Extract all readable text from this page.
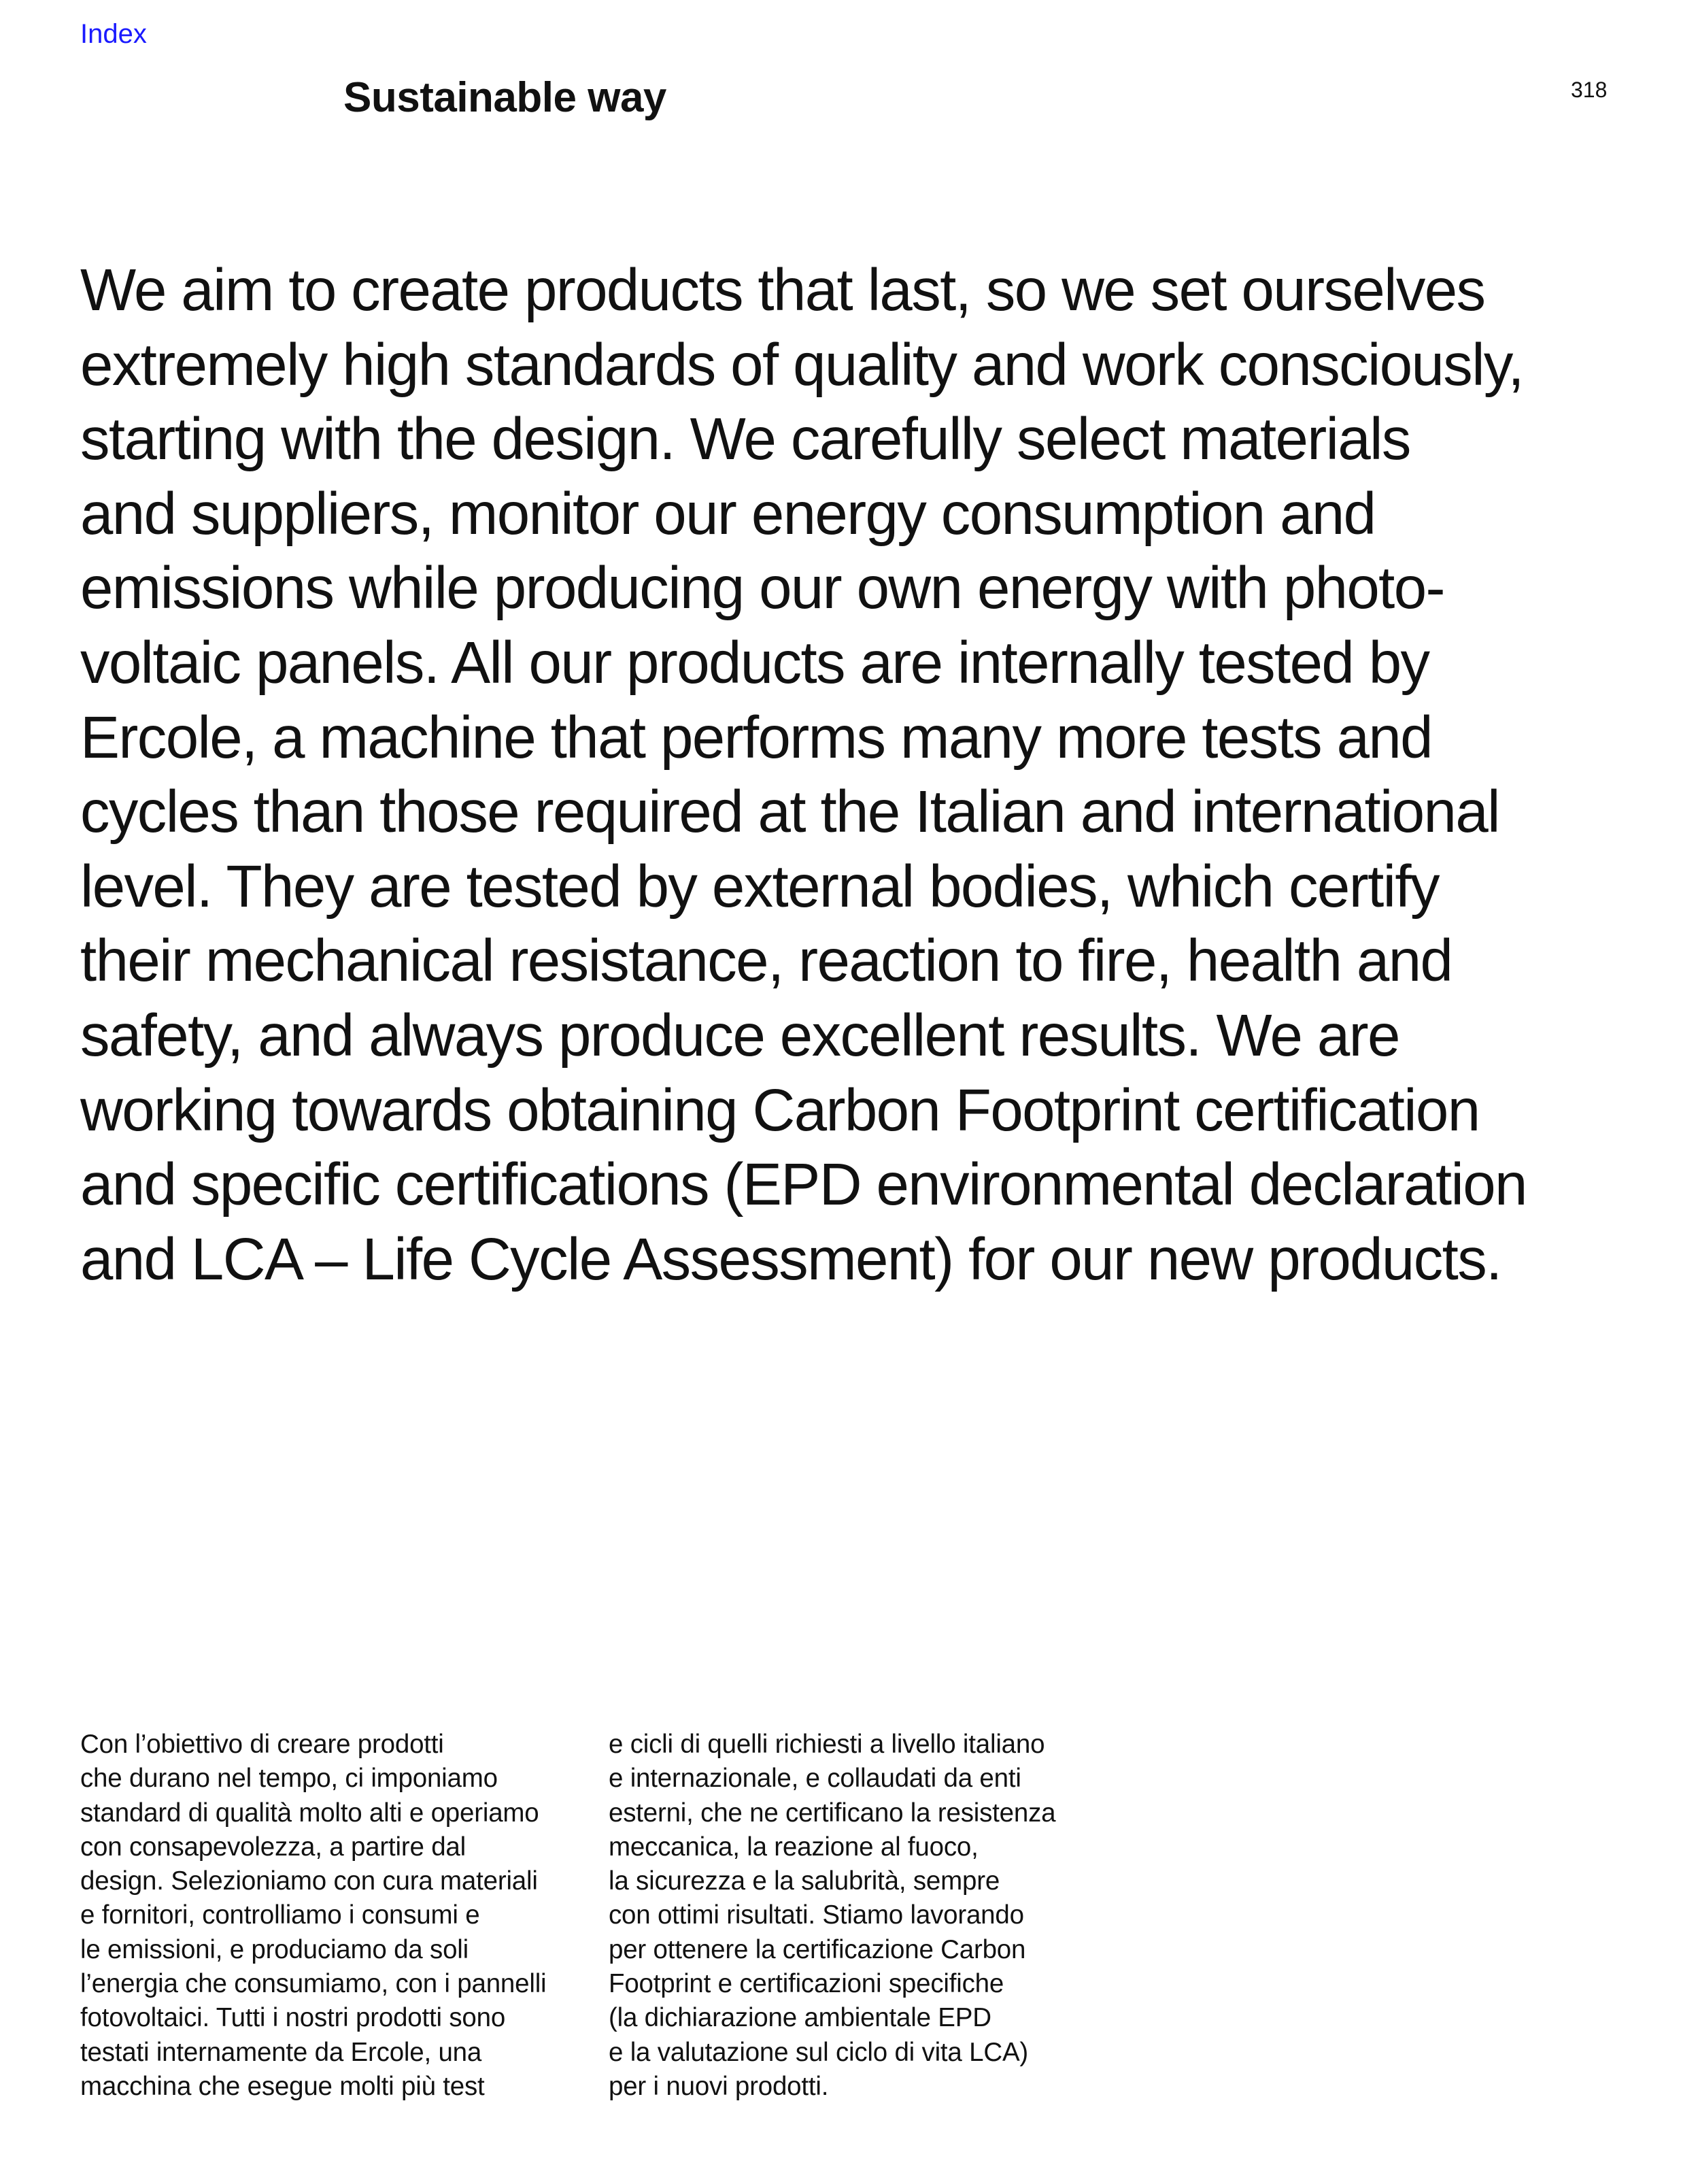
Index
Sustainable way	318

We aim to create products that last, so we set ourselves
extremely high standards of quality and work consciously,
starting with the design. We carefully select materials
and suppliers, monitor our energy consumption and
emissions while producing our own energy with photo-
voltaic panels. All our products are internally tested by
Ercole, a machine that performs many more tests and
cycles than those required at the Italian and international
level. They are tested by external bodies, which certify
their mechanical resistance, reaction to fire, health and
safety, and always produce excellent results. We are
working towards obtaining Carbon Footprint certification
and specific certifications (EPD environmental declaration
and LCA – Life Cycle Assessment) for our new products.

Con l’obiettivo di creare prodotti
che durano nel tempo, ci imponiamo
standard di qualità molto alti e operiamo
con consapevolezza, a partire dal
design. Selezioniamo con cura materiali
e fornitori, controlliamo i consumi e
le emissioni, e produciamo da soli
l’energia che consumiamo, con i pannelli
fotovoltaici. Tutti i nostri prodotti sono
testati internamente da Ercole, una
macchina che esegue molti più test

e cicli di quelli richiesti a livello italiano
e internazionale, e collaudati da enti
esterni, che ne certificano la resistenza
meccanica, la reazione al fuoco,
la sicurezza e la salubrità, sempre
con ottimi risultati. Stiamo lavorando
per ottenere la certificazione Carbon
Footprint e certificazioni specifiche
(la dichiarazione ambientale EPD
e la valutazione sul ciclo di vita LCA)
per i nuovi prodotti.
